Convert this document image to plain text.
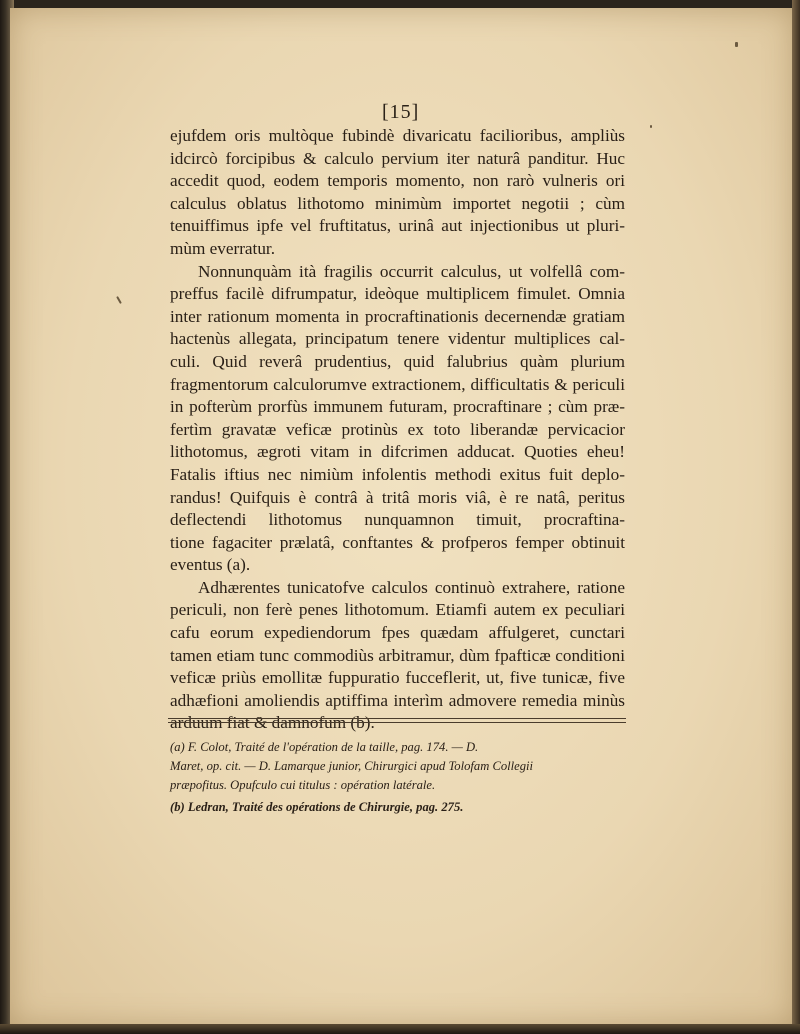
[15]
ejufdem oris multòque fubindè divaricatu facilioribus, ampliùs
idcircò forcipibus & calculo pervium iter naturâ panditur. Huc
accedit quod, eodem temporis momento, non rarò vulneris ori
calculus oblatus lithotomo minimùm importet negotii ; cùm
tenuiffimus ipfe vel fruftitatus, urinâ aut injectionibus ut pluri-
mùm everratur.
Nonnunquàm ità fragilis occurrit calculus, ut volfellâ com-
preffus facilè difrumpatur, ideòque multiplicem fimulet. Omnia
inter rationum momenta in procraftinationis decernendæ gratiam
hactenùs allegata, principatum tenere videntur multiplices cal-
culi. Quid reverâ prudentius, quid falubrius quàm plurium
fragmentorum calculorumve extractionem, difficultatis & periculi
in pofterùm prorfùs immunem futuram, procraftinare ; cùm præ-
fertìm gravatæ veficæ protinùs ex toto liberandæ pervicacior
lithotomus, ægroti vitam in difcrimen adducat. Quoties eheu!
Fatalis iftius nec nimiùm infolentis methodi exitus fuit deplo-
randus! Quifquis è contrâ à tritâ moris viâ, è re natâ, peritus
deflectendi lithotomus nunquamnon timuit, procraftina-
tione fagaciter prælatâ, conftantes & profperos femper obtinuit
eventus (a).
Adhærentes tunicatofve calculos continuò extrahere, ratione
periculi, non ferè penes lithotomum. Etiamfi autem ex peculiari
cafu eorum expediendorum fpes quædam affulgeret, cunctari
tamen etiam tunc commodiùs arbitramur, dùm fpafticæ conditioni
veficæ priùs emollitæ fuppuratio fucceflerit, ut, five tunicæ, five
adhæfioni amoliendis aptiffima interìm admovere remedia minùs
arduum fiat & damnofum (b).
(a) F. Colot, Traité de l'opération de la taille, pag. 174. — D.
Maret, op. cit. — D. Lamarque junior, Chirurgici apud Tolofam Collegii
præpofitus. Opufculo cui titulus : opération latérale.
(b) Ledran, Traité des opérations de Chirurgie, pag. 275.
